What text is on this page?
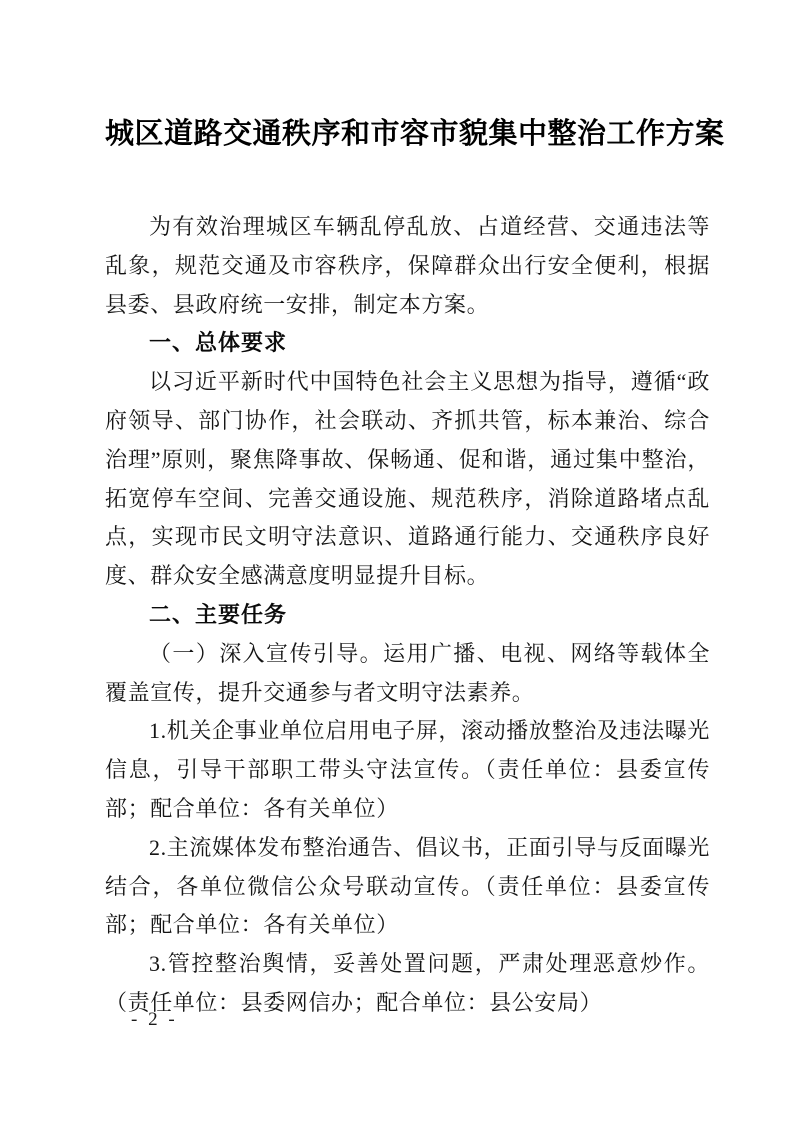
城区道路交通秩序和市容市貌集中整治工作方案

为有效治理城区车辆乱停乱放、占道经营、交通违法等乱象，规范交通及市容秩序，保障群众出行安全便利，根据县委、县政府统一安排，制定本方案。

一、总体要求

以习近平新时代中国特色社会主义思想为指导，遵循“政府领导、部门协作，社会联动、齐抓共管，标本兼治、综合治理”原则，聚焦降事故、保畅通、促和谐，通过集中整治，拓宽停车空间、完善交通设施、规范秩序，消除道路堵点乱点，实现市民文明守法意识、道路通行能力、交通秩序良好度、群众安全感满意度明显提升目标。

二、主要任务

（一）深入宣传引导。运用广播、电视、网络等载体全覆盖宣传，提升交通参与者文明守法素养。

1.机关企事业单位启用电子屏，滚动播放整治及违法曝光信息，引导干部职工带头守法宣传。（责任单位：县委宣传部；配合单位：各有关单位）

2.主流媒体发布整治通告、倡议书，正面引导与反面曝光结合，各单位微信公众号联动宣传。（责任单位：县委宣传部；配合单位：各有关单位）

3.管控整治舆情，妥善处置问题，严肃处理恶意炒作。（责任单位：县委网信办；配合单位：县公安局）

- 2 -
